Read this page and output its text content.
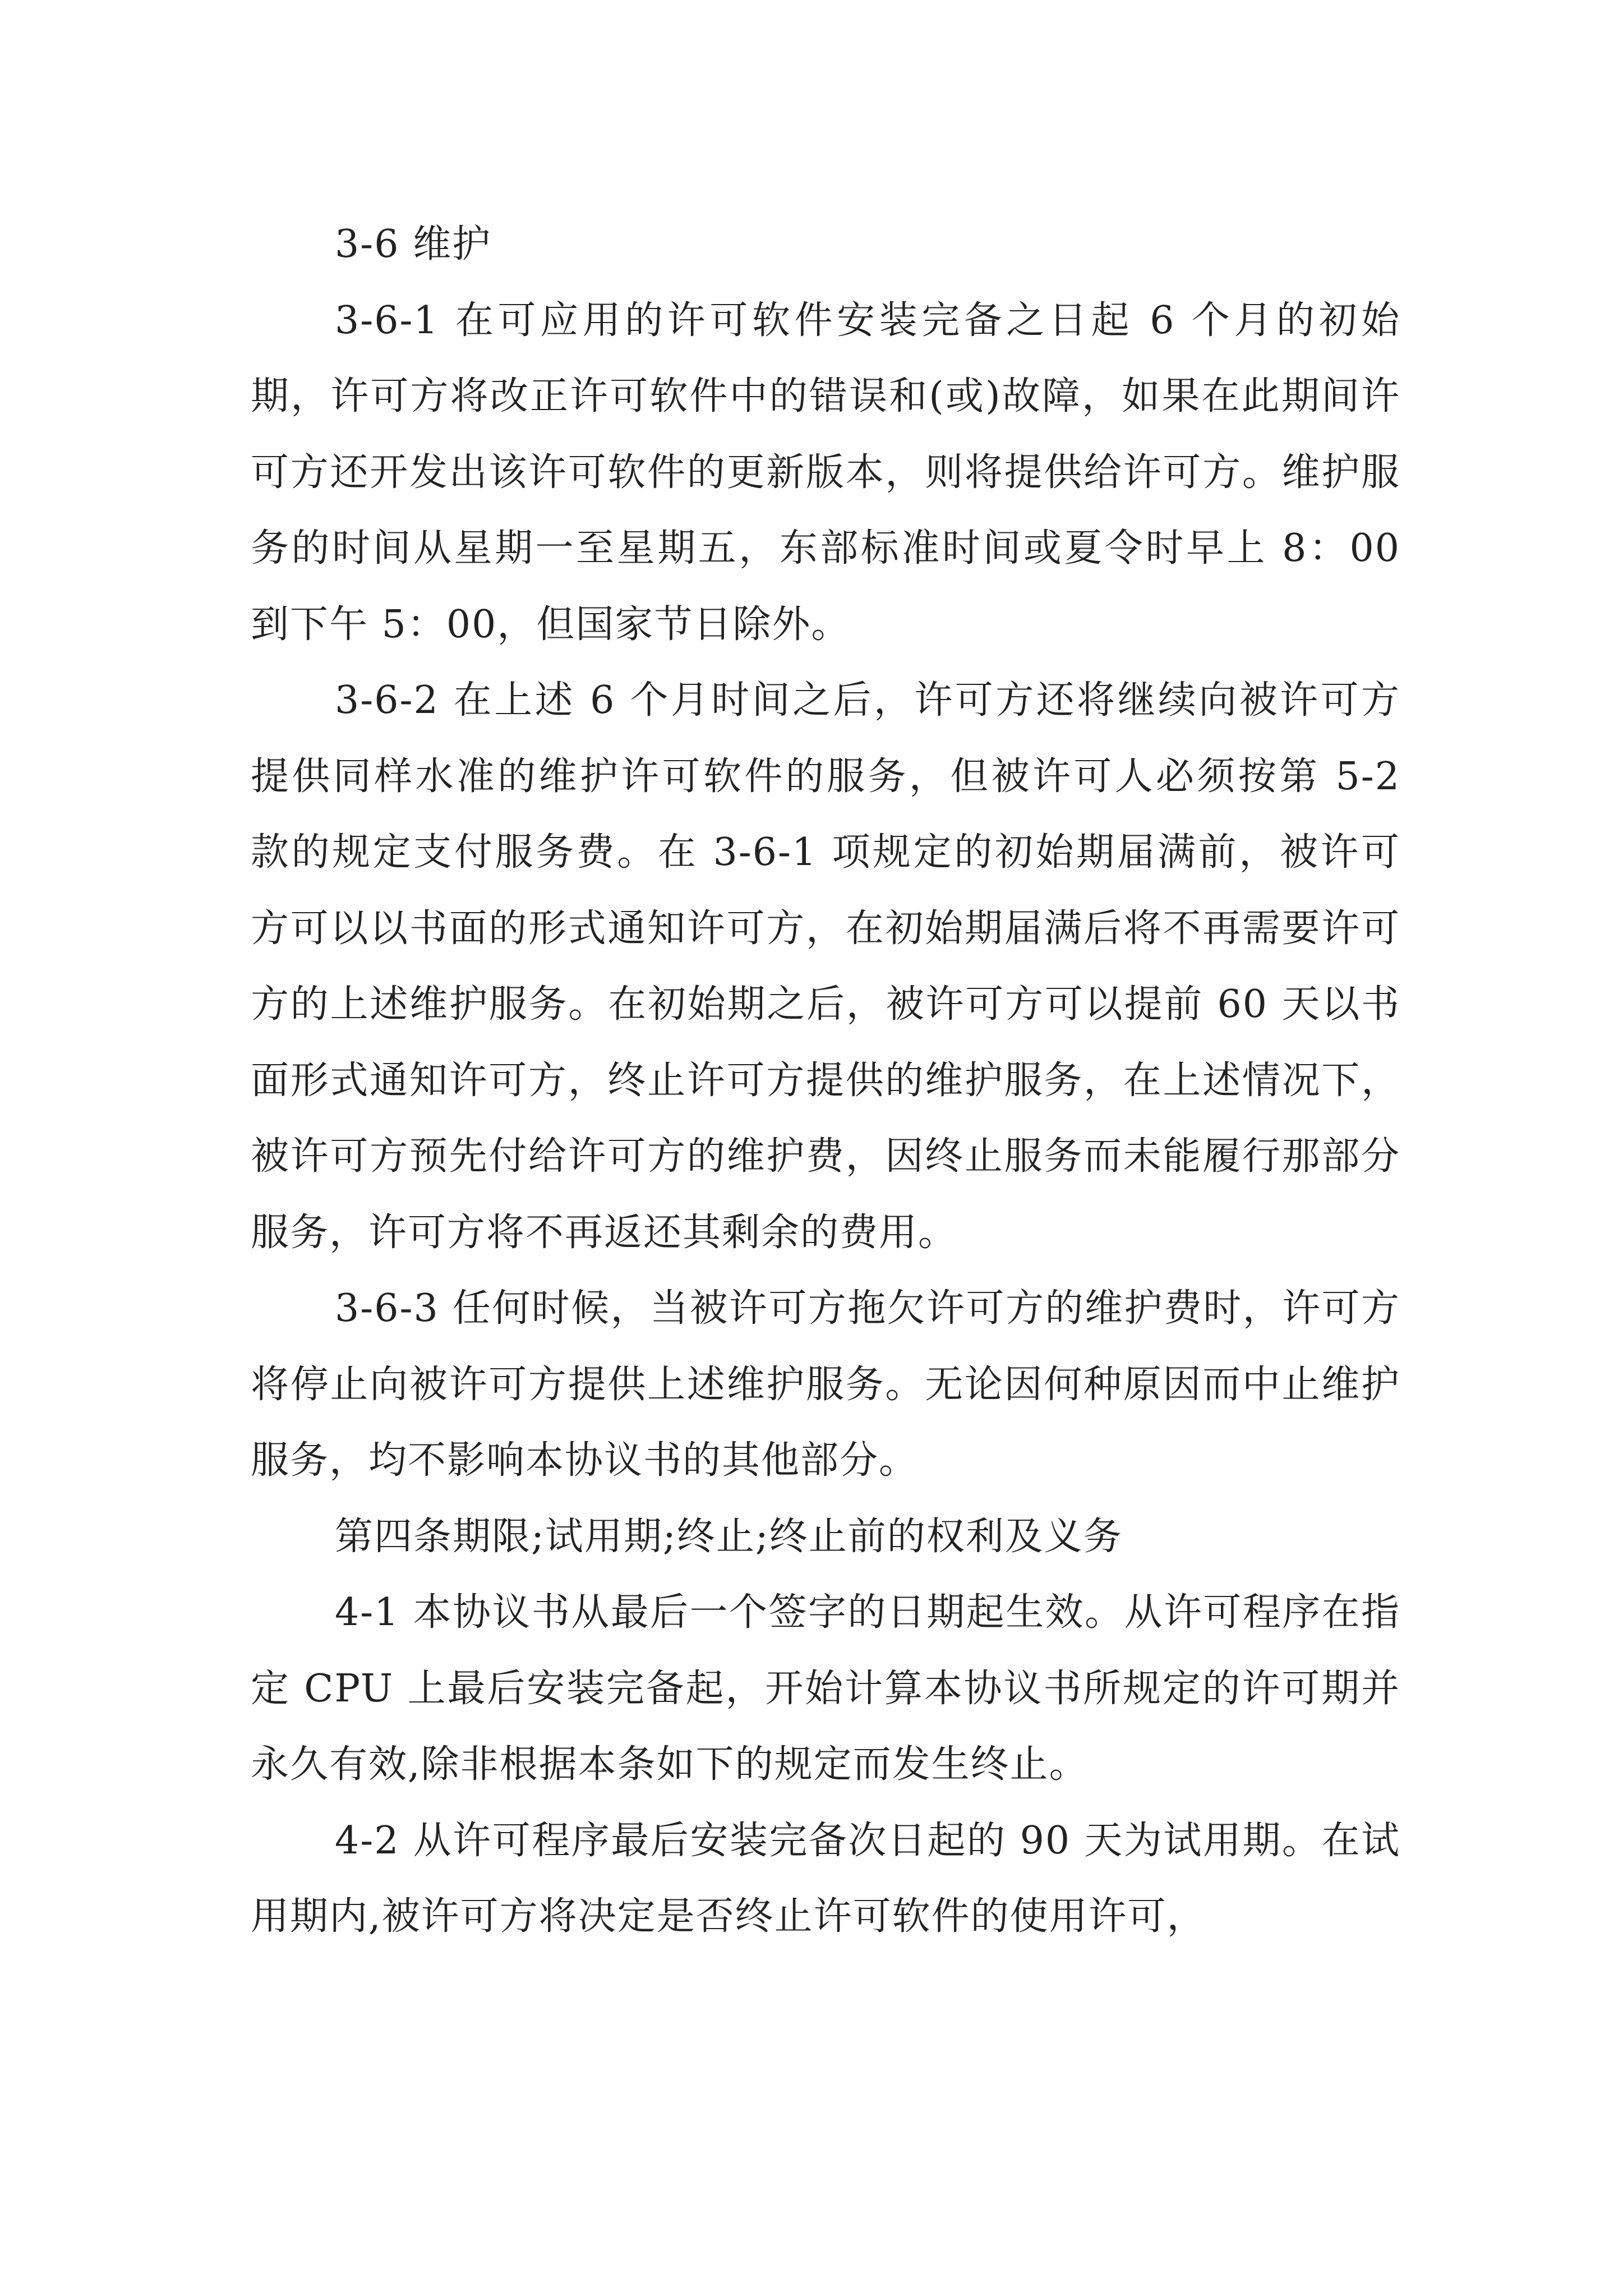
3-6 维护

3-6-1 在可应用的许可软件安装完备之日起 6 个月的初始期，许可方将改正许可软件中的错误和(或)故障，如果在此期间许可方还开发出该许可软件的更新版本，则将提供给许可方。维护服务的时间从星期一至星期五，东部标准时间或夏令时早上 8：00 到下午 5：00，但国家节日除外。

3-6-2 在上述 6 个月时间之后，许可方还将继续向被许可方提供同样水准的维护许可软件的服务，但被许可人必须按第 5-2 款的规定支付服务费。在 3-6-1 项规定的初始期届满前，被许可方可以以书面的形式通知许可方，在初始期届满后将不再需要许可方的上述维护服务。在初始期之后，被许可方可以提前 60 天以书面形式通知许可方，终止许可方提供的维护服务，在上述情况下，被许可方预先付给许可方的维护费，因终止服务而未能履行那部分服务，许可方将不再返还其剩余的费用。

3-6-3 任何时候，当被许可方拖欠许可方的维护费时，许可方将停止向被许可方提供上述维护服务。无论因何种原因而中止维护服务，均不影响本协议书的其他部分。

第四条期限;试用期;终止;终止前的权利及义务

4-1 本协议书从最后一个签字的日期起生效。从许可程序在指定 CPU 上最后安装完备起，开始计算本协议书所规定的许可期并永久有效,除非根据本条如下的规定而发生终止。

4-2 从许可程序最后安装完备次日起的 90 天为试用期。在试用期内,被许可方将决定是否终止许可软件的使用许可，
